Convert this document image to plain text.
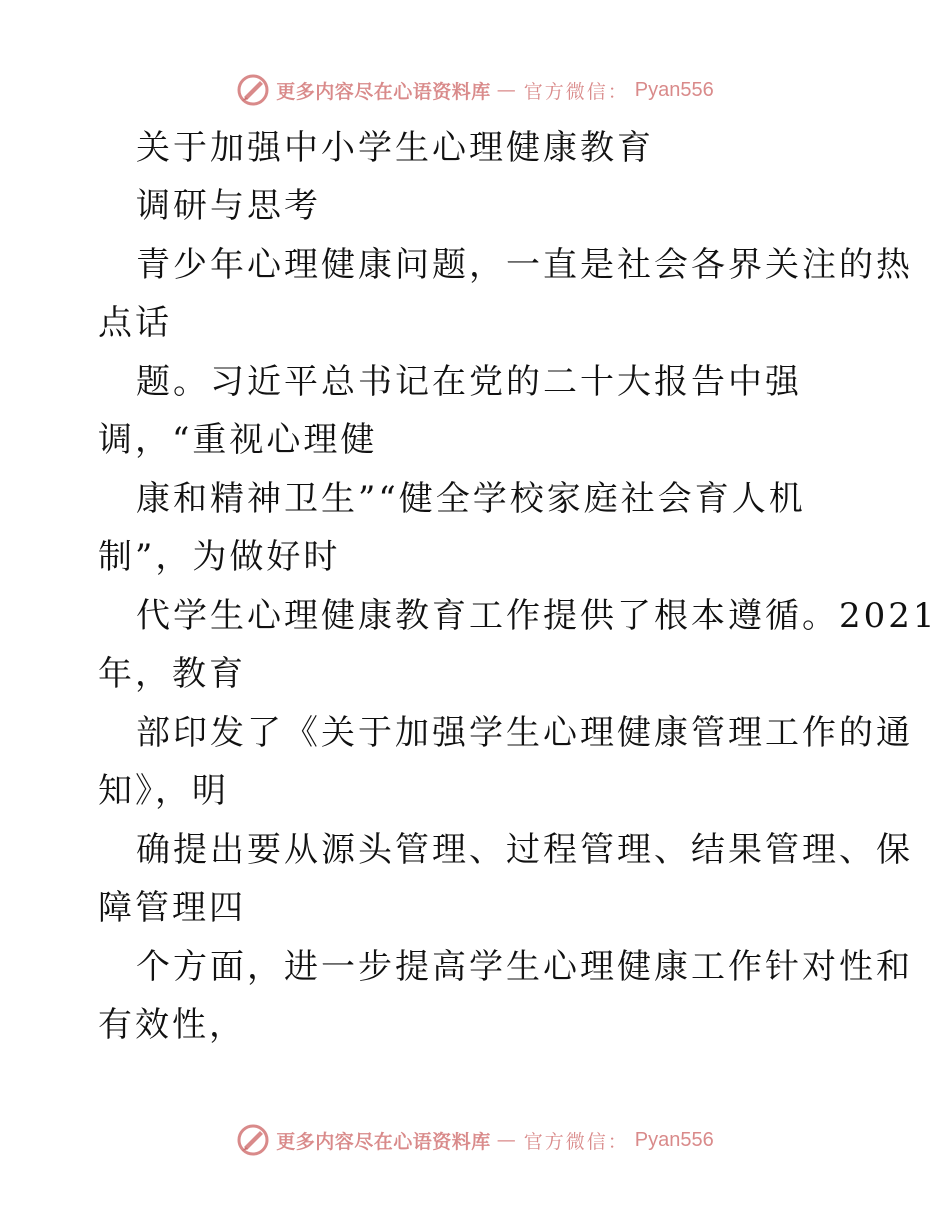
更多内容尽在心语资料库 — 官方微信： Pyan556
关于加强中小学生心理健康教育
调研与思考
青少年心理健康问题，一直是社会各界关注的热
点话
题。习近平总书记在党的二十大报告中强
调，“重视心理健
康和精神卫生”“健全学校家庭社会育人机
制”，为做好时
代学生心理健康教育工作提供了根本遵循。2021
年，教育
部印发了《关于加强学生心理健康管理工作的通
知》，明
确提出要从源头管理、过程管理、结果管理、保
障管理四
个方面，进一步提高学生心理健康工作针对性和
有效性，
更多内容尽在心语资料库 — 官方微信： Pyan556
